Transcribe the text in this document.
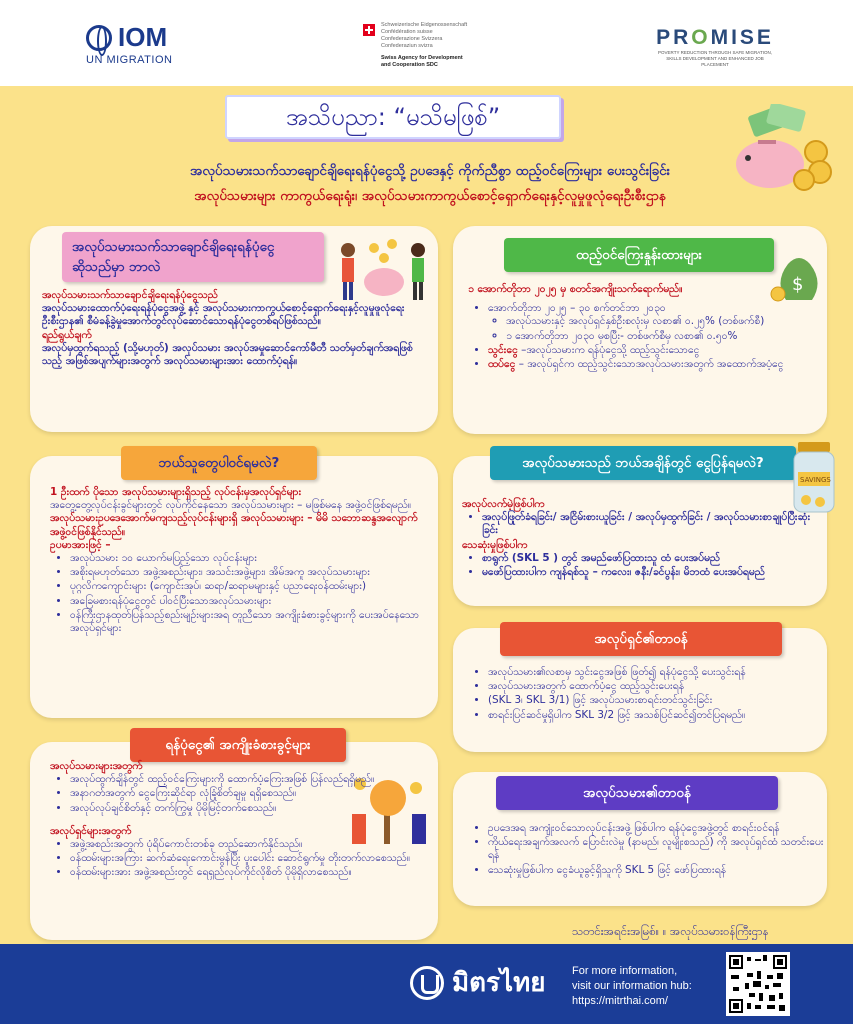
IOM
UN MIGRATION
Schweizerische Eidgenossenschaft
Confédération suisse
Confederazione Svizzera
Confederaziun svizra
Swiss Agency for Development
and Cooperation SDC
PROMISE
POVERTY REDUCTION THROUGH SAFE MIGRATION, SKILLS DEVELOPMENT AND ENHANCED JOB PLACEMENT
အသိပညာ: “မသိမဖြစ်”
အလုပ်သမားသက်သာချောင်ချိရေးရန်ပုံငွေသို့ ဥပဒေနှင့် ကိုက်ညီစွာ ထည့်ဝင်ကြေးများ ပေးသွင်းခြင်း
အလုပ်သမားများ ကာကွယ်ရေးရုံး၊ အလုပ်သမားကာကွယ်စောင့်ရှောက်ရေးနှင့်လူမှုဖူလုံရေးဦးစီးဌာန
အလုပ်သမားသက်သာချောင်ချိရေးရန်ပုံငွေ ဆိုသည်မှာ ဘာလဲ
အလုပ်သမားသက်သာချောင်ချိရေးရန်ပုံငွေသည်
အလုပ်သမားထောက်ပံ့ရေးရန်ပုံငွေအဖွဲ့ နှင့် အလုပ်သမားကာကွယ်စောင့်ရှောက်ရေးနှင့်လူမှုဖူလုံရေးဦးစီးဌာန၏ စီမံခန့်ခွဲမှုအောက်တွင်လုပ်ဆောင်သောရန်ပုံငွေတစ်ရပ်ဖြစ်သည်။
ရည်ရွယ်ချက်
အလုပ်မှထွက်ရသည့် (သို့မဟုတ်) အလုပ်သမား အလုပ်အမှုဆောင်ကော်မီတီ သတ်မှတ်ချက်အရဖြစ်သည့် အဖြစ်အပျက်များအတွက် အလုပ်သမားများအား ထောက်ပံ့ရန်။
ထည့်ဝင်ကြေးနှုန်းထားများ
$
၁ အောက်တိုဘာ ၂၀၂၅ မှ စတင်အကျိုးသက်ရောက်မည်။
• အောက်တိုဘာ ၂၀၂၅ – ၃၀ စက်တင်ဘာ ၂၀၃၀
◦ အလုပ်သမားနှင့် အလုပ်ရှင်နှစ်ဦးစလုံးမှ လစာ၏ ၀.၂၅% (တစ်ဖက်စီ)
◦ ၁ အောက်တိုဘာ ၂၀၃၀ မှစပြီး- တစ်ဖက်စီမှ လစာ၏ ၀.၅၀%
• သွင်းငွေ –အလုပ်သမားက ရန်ပုံငွေသို့ ထည့်သွင်းသောငွေ
• ထပ်ငွေ – အလုပ်ရှင်က ထည့်သွင်းသောအလုပ်သမားအတွက် အထောက်အပံ့ငွေ
ဘယ်သူတွေပါဝင်ရမလဲ?
1 ဦးထက် ပိုသော အလုပ်သမားများရှိသည့် လုပ်ငန်းမှအလုပ်ရှင်များ
အတွေ့တွေ့လုပ်ငန်းခွင်များတွင် လုပ်ကိုင်နေသော အလုပ်သမားများ – မဖြစ်မနေ အဖွဲ့ဝင်ဖြစ်ရမည်။
အလုပ်သမားဥပဒေအောက်မကျသည့်လုပ်ငန်းများရှိ အလုပ်သမားများ – မိမိ သဘောဆန္ဒအလျောက် အဖွဲ့ဝင်ဖြစ်နိုင်သည်။
ဥပမာအားဖြင့် –
• အလုပ်သမား ၁၀ ယောက်မပြည့်သော လုပ်ငန်းများ
• အစိုးရမဟုတ်သော အဖွဲ့အစည်းများ၊ အသင်းအဖွဲ့များ၊ အိမ်အကူ အလုပ်သမားများ
• ပုဂ္ဂလိကကျောင်းများ (ကျောင်းအုပ်၊ ဆရာ/ဆရာမများနှင့် ပညာရေးဝန်ထမ်းများ)
• အခြေမစားရန်ပုံငွေတွင် ပါဝင်ပြီးသောအလုပ်သမားများ
• ဝန်ကြီးဌာနထုတ်ပြန်သည့်စည်းမျဉ်းများအရ တူညီသော အကျိုးခံစားခွင့်များကို ပေးအပ်နေသော အလုပ်ရှင်များ
အလုပ်သမားသည် ဘယ်အချိန်တွင် ငွေပြန်ရမလဲ?
SAVINGS
အလုပ်လက်မဲ့ဖြစ်ပါက
• အလုပ်ဖြုတ်ခံရခြင်း/ အငြိမ်းစားယူခြင်း / အလုပ်မှထွက်ခြင်း / အလုပ်သမားစာချုပ်ပြီးဆုံးခြင်း
သေဆုံးမှုဖြစ်ပါက
• စာရွက် (SKL 5 ) တွင် အမည်ဖော်ပြထားသူ ထံ ပေးအပ်မည်
• မဖော်ပြထားပါက ကျန်ရစ်သူ – ကလေး၊ ဇနီး/ခင်ပွန်း၊ မိဘထံ ပေးအပ်ရမည်
ရန်ပုံငွေ၏ အကျိုးခံစားခွင့်များ
အလုပ်သမားများအတွက်
• အလုပ်ထွက်ချိန်တွင် ထည့်ဝင်ကြေးများကို ထောက်ပံ့ကြေးအဖြစ် ပြန်လည်ရရှိမည်။
• အနာဂတ်အတွက် ငွေကြေးဆိုင်ရာ လုံခြုံစိတ်ချမှု ရရှိစေသည်။
• အလုပ်လုပ်ချင်စိတ်နှင့် တက်ကြွမှု ပိုမိုမြင့်တက်စေသည်။
အလုပ်ရှင်များအတွက်
• အဖွဲ့အစည်းအတွက် ပုံရိပ်ကောင်းတစ်ခု တည်ဆောက်နိုင်သည်။
• ဝန်ထမ်းများအကြား ဆက်ဆံရေးကောင်းမွန်ပြီး ပူးပေါင်း ဆောင်ရွက်မှု တိုးတက်လာစေသည်။
• ဝန်ထမ်းများအား အဖွဲ့အစည်းတွင် ရေရှည်လုပ်ကိုင်လိုစိတ် ပိုမိုရှိလာစေသည်။
အလုပ်ရှင်၏တာဝန်
• အလုပ်သမား၏လစာမှ သွင်းငွေအဖြစ် ဖြတ်၍ ရန်ပုံငွေသို့ ပေးသွင်းရန်
• အလုပ်သမားအတွက် ထောက်ပံ့ငွေ ထည့်သွင်းပေးရန်
• (SKL 3၊ SKL 3/1) ဖြင့် အလုပ်သမားစာရင်းတင်သွင်းခြင်း
• စာရင်းပြင်ဆင်မှုရှိပါက SKL 3/2 ဖြင့် အသစ်ပြင်ဆင်၍တင်ပြရမည်။
အလုပ်သမား၏တာဝန်
• ဥပဒေအရ အကျုံးဝင်သောလုပ်ငန်းအဖွဲ့ ဖြစ်ပါက ရန်ပုံငွေအဖွဲ့တွင် စာရင်းဝင်ရန်
• ကိုယ်ရေးအချက်အလက် ပြောင်းလဲမှု (နာမည်၊ လူမျိုးစသည်) ကို အလုပ်ရှင်ထံ သတင်းပေးရန်
• သေဆုံးမှုဖြစ်ပါက ငွေခံယူခွင့်ရှိသူကို SKL 5 ဖြင့် ဖော်ပြထားရန်
သတင်းအရင်းအမြစ်။ ။ အလုပ်သမားဝန်ကြီးဌာန
มิตรไทย For more information,
visit our information hub:
https://mitrthai.com/
